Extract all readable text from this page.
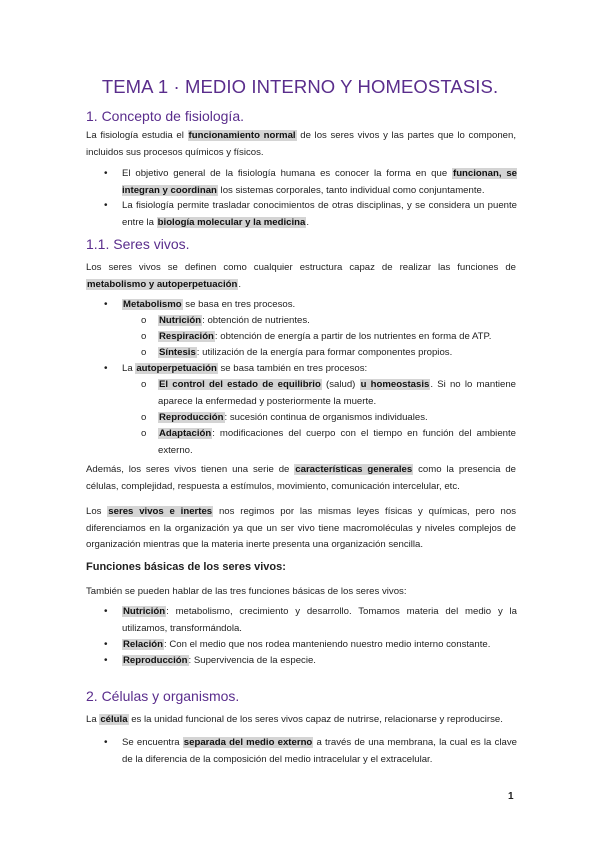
TEMA 1 · MEDIO INTERNO Y HOMEOSTASIS.
1. Concepto de fisiología.

La fisiología estudia el funcionamiento normal de los seres vivos y las partes que lo componen, incluidos sus procesos químicos y físicos.

• El objetivo general de la fisiología humana es conocer la forma en que funcionan, se integran y coordinan los sistemas corporales, tanto individual como conjuntamente.

• La fisiología permite trasladar conocimientos de otras disciplinas, y se considera un puente entre la biología molecular y la medicina.

1.1. Seres vivos.

Los seres vivos se definen como cualquier estructura capaz de realizar las funciones de metabolismo y autoperpetuación.

• Metabolismo se basa en tres procesos.

o Nutrición: obtención de nutrientes.

o Respiración: obtención de energía a partir de los nutrientes en forma de ATP.

o Síntesis: utilización de la energía para formar componentes propios.

• La autoperpetuación se basa también en tres procesos:

o El control del estado de equilibrio (salud) u homeostasis. Si no lo mantiene aparece la enfermedad y posteriormente la muerte.

o Reproducción: sucesión continua de organismos individuales.

o Adaptación: modificaciones del cuerpo con el tiempo en función del ambiente externo.

Además, los seres vivos tienen una serie de características generales como la presencia de células, complejidad, respuesta a estímulos, movimiento, comunicación intercelular, etc.

Los seres vivos e inertes nos regimos por las mismas leyes físicas y químicas, pero nos diferenciamos en la organización ya que un ser vivo tiene macromoléculas y niveles complejos de organización mientras que la materia inerte presenta una organización sencilla.

Funciones básicas de los seres vivos:

También se pueden hablar de las tres funciones básicas de los seres vivos:

• Nutrición: metabolismo, crecimiento y desarrollo. Tomamos materia del medio y la utilizamos, transformándola.

• Relación: Con el medio que nos rodea manteniendo nuestro medio interno constante.

• Reproducción: Supervivencia de la especie.

2. Células y organismos.

La célula es la unidad funcional de los seres vivos capaz de nutrirse, relacionarse y reproducirse.

• Se encuentra separada del medio externo a través de una membrana, la cual es la clave de la diferencia de la composición del medio intracelular y el extracelular.

1
